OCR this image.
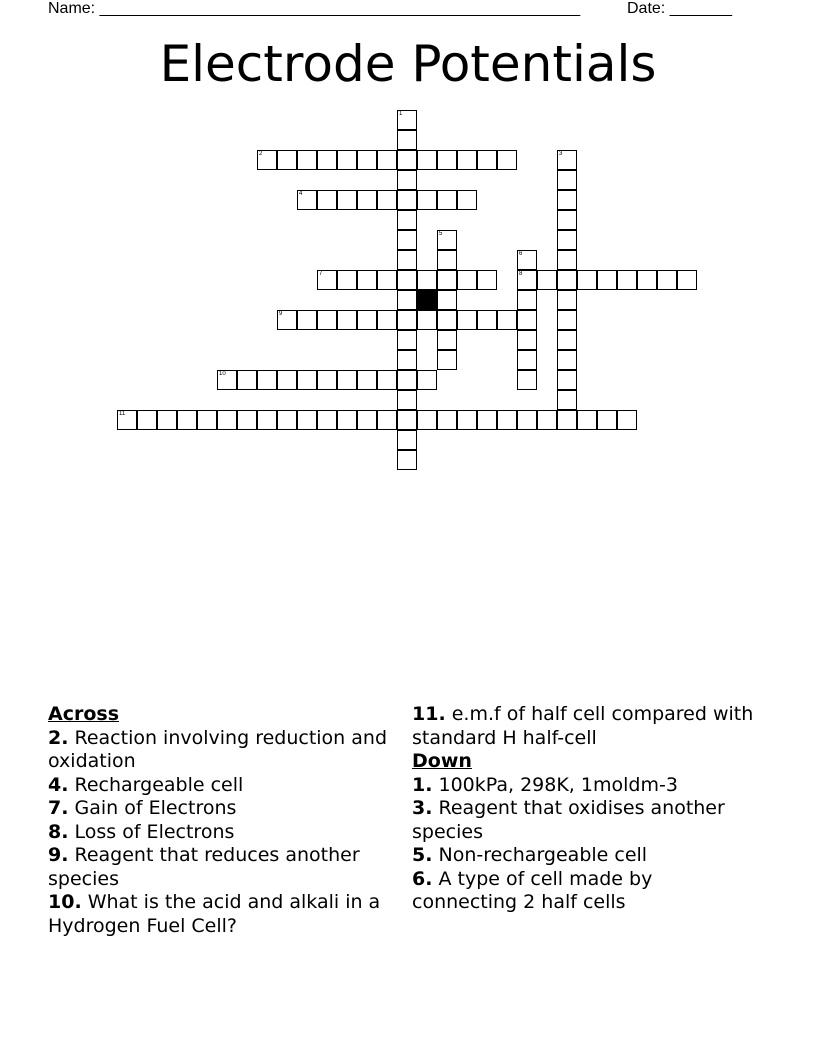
Name: ______________________________________________________	Date: _______
Electrode Potentials
1
2	3
4
5
6
8
7
9
10
11
Across
2. Reaction involving reduction and oxidation
4. Rechargeable cell
7. Gain of Electrons
8. Loss of Electrons
9. Reagent that reduces another species
10. What is the acid and alkali in a Hydrogen Fuel Cell?
11. e.m.f of half cell compared with standard H half-cell
Down
1. 100kPa, 298K, 1moldm-3
3. Reagent that oxidises another species
5. Non-rechargeable cell
6. A type of cell made by connecting 2 half cells
